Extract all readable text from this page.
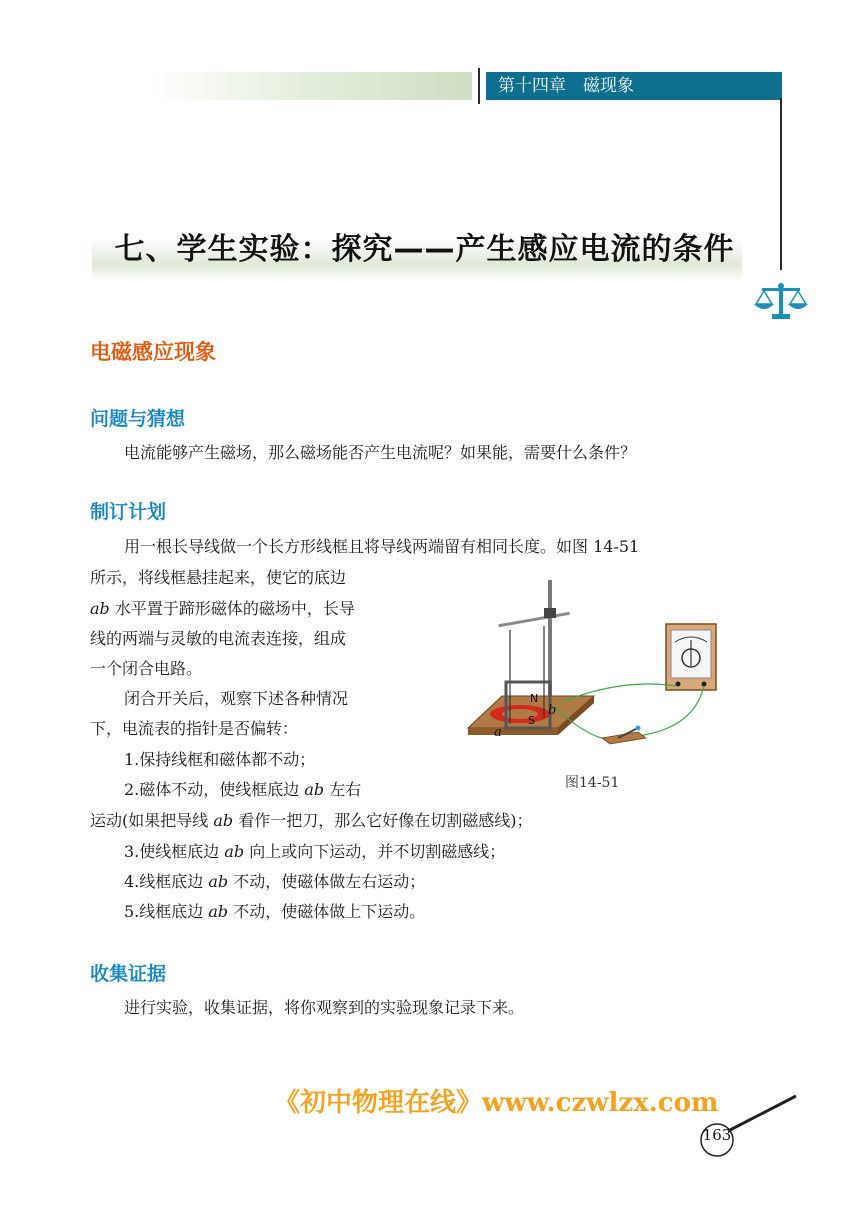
第十四章　磁现象
七、学生实验：探究——产生感应电流的条件
电磁感应现象
问题与猜想
电流能够产生磁场，那么磁场能否产生电流呢？如果能，需要什么条件？
制订计划
用一根长导线做一个长方形线框且将导线两端留有相同长度。如图 14-51
所示，将线框悬挂起来，使它的底边
ab 水平置于蹄形磁体的磁场中，长导
线的两端与灵敏的电流表连接，组成
一个闭合电路。
闭合开关后，观察下述各种情况
下，电流表的指针是否偏转：
1.保持线框和磁体都不动；
2.磁体不动，使线框底边 ab 左右
运动(如果把导线 ab 看作一把刀，那么它好像在切割磁感线)；
3.使线框底边 ab 向上或向下运动，并不切割磁感线；
4.线框底边 ab 不动，使磁体做左右运动；
5.线框底边 ab 不动，使磁体做上下运动。
N
S
a
b
图14-51
收集证据
进行实验，收集证据，将你观察到的实验现象记录下来。
《初中物理在线》www.czwlzx.com
163
